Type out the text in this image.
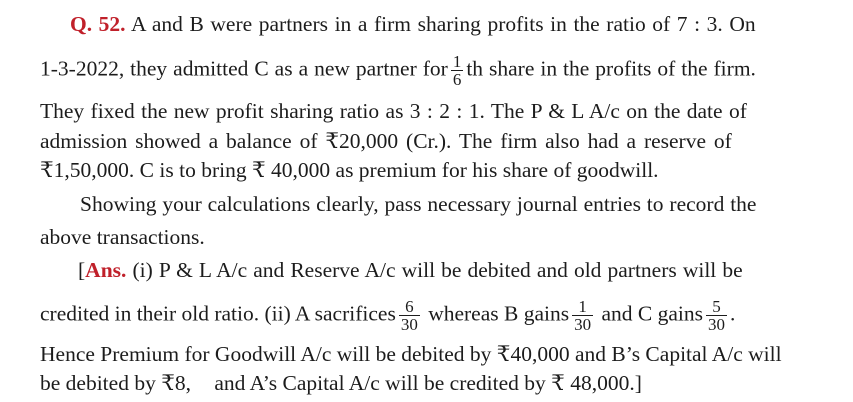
Q. 52. A and B were partners in a firm sharing profits in the ratio of 7 : 3. On
1-3-2022, they admitted C as a new partner for $\frac{1}{6}$ th share in the profits of the firm.
They fixed the new profit sharing ratio as 3 : 2 : 1. The P & L A/c on the date of
admission showed a balance of ₹20,000 (Cr.). The firm also had a reserve of
₹1,50,000. C is to bring ₹ 40,000 as premium for his share of goodwill.
Showing your calculations clearly, pass necessary journal entries to record the
above transactions.
[Ans. (i) P & L A/c and Reserve A/c will be debited and old partners will be
credited in their old ratio. (ii) A sacrifices $\frac{6}{30}$ whereas B gains $\frac{1}{30}$ and C gains $\frac{5}{30}$ .
Hence Premium for Goodwill A/c will be debited by ₹40,000 and B’s Capital A/c will
be debited by ₹8, and A’s Capital A/c will be credited by ₹ 48,000.]
